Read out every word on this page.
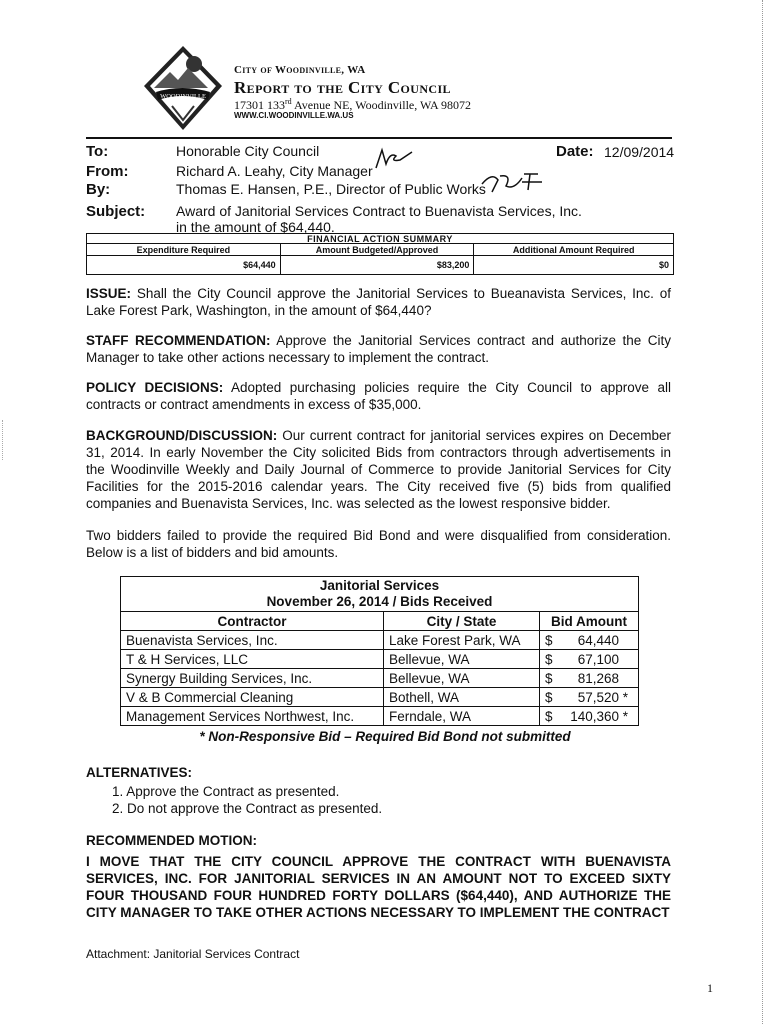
WOODINVILLE
City of Woodinville, WA
Report to the City Council
17301 133rd Avenue NE, Woodinville, WA 98072
WWW.CI.WOODINVILLE.WA.US
To:	Honorable City Council	Date: 12/09/2014
From:	Richard A. Leahy, City Manager
By:	Thomas E. Hansen, P.E., Director of Public Works
Subject: Award of Janitorial Services Contract to Buenavista Services, Inc.
in the amount of $64,440.
FINANCIAL ACTION SUMMARY		
Expenditure Required	Amount Budgeted/Approved	Additional Amount Required
$64,440	$83,200	$0

ISSUE: Shall the City Council approve the Janitorial Services to Bueanavista Services, Inc. of Lake Forest Park, Washington, in the amount of $64,440?

STAFF RECOMMENDATION: Approve the Janitorial Services contract and authorize the City Manager to take other actions necessary to implement the contract.

POLICY DECISIONS: Adopted purchasing policies require the City Council to approve all contracts or contract amendments in excess of $35,000.

BACKGROUND/DISCUSSION: Our current contract for janitorial services expires on December 31, 2014. In early November the City solicited Bids from contractors through advertisements in the Woodinville Weekly and Daily Journal of Commerce to provide Janitorial Services for City Facilities for the 2015-2016 calendar years. The City received five (5) bids from qualified companies and Buenavista Services, Inc. was selected as the lowest responsive bidder.

Two bidders failed to provide the required Bid Bond and were disqualified from consideration. Below is a list of bidders and bid amounts.

Janitorial Services
November 26, 2014 / Bids Received		

Contractor	City / State	Bid Amount
Buenavista Services, Inc.	Lake Forest Park, WA	$ 64,440
T & H Services, LLC	Bellevue, WA	$ 67,100
Synergy Building Services, Inc.	Bellevue, WA	$ 81,268
V & B Commercial Cleaning	Bothell, WA	$ 57,520 *
Management Services Northwest, Inc.	Ferndale, WA	$ 140,360 *
* Non-Responsive Bid – Required Bid Bond not submitted
ALTERNATIVES:
1. Approve the Contract as presented.
2. Do not approve the Contract as presented.
RECOMMENDED MOTION:

I MOVE THAT THE CITY COUNCIL APPROVE THE CONTRACT WITH BUENAVISTA SERVICES, INC. FOR JANITORIAL SERVICES IN AN AMOUNT NOT TO EXCEED SIXTY FOUR THOUSAND FOUR HUNDRED FORTY DOLLARS ($64,440), AND AUTHORIZE THE CITY MANAGER TO TAKE OTHER ACTIONS NECESSARY TO IMPLEMENT THE CONTRACT

Attachment: Janitorial Services Contract
1
